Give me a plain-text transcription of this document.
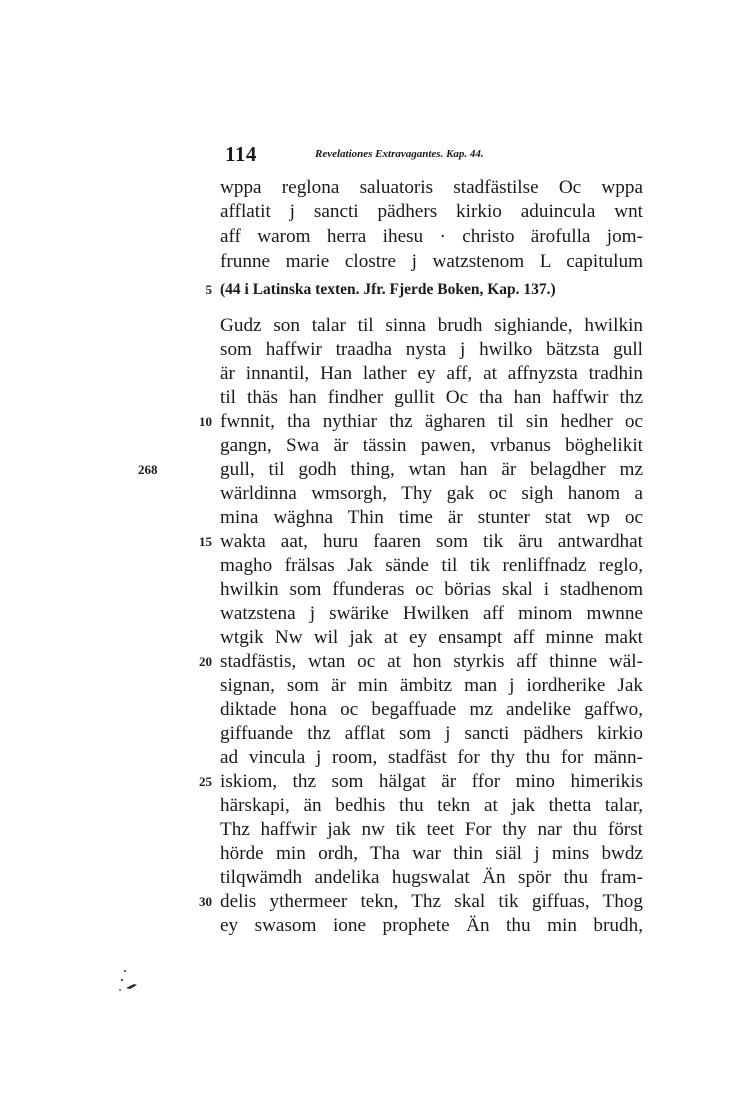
114	Revelationes Extravagantes. Kap. 44.
wppa reglona saluatoris stadfästilse Oc wppa
afflatit j sancti pädhers kirkio aduincula wnt
aff warom herra ihesu · christo ärofulla jom-
frunne marie clostre j watzstenom L capitulum
5 (44 i Latinska texten. Jfr. Fjerde Boken, Kap. 137.)
Gudz son talar til sinna brudh sighiande, hwilkin
som haffwir traadha nysta j hwilko bätzsta gull
är innantil, Han lather ey aff, at affnyzsta tradhin
til thäs han findher gullit Oc tha han haffwir thz
10 fwnnit, tha nythiar thz ägharen til sin hedher oc
gangn, Swa är tässin pawen, vrbanus böghelikit
268	gull, til godh thing, wtan han är belagdher mz
wärldinna wmsorgh, Thy gak oc sigh hanom a
mina wäghna Thin time är stunter stat wp oc
15 wakta aat, huru faaren som tik äru antwardhat
magho frälsas Jak sände til tik renliffnadz reglo,
hwilkin som ffunderas oc börias skal i stadhenom
watzstena j swärike Hwilken aff minom mwnne
wtgik Nw wil jak at ey ensampt aff minne makt
20 stadfästis, wtan oc at hon styrkis aff thinne wäl-
signan, som är min ämbitz man j iordherike Jak
diktade hona oc begaffuade mz andelike gaffwo,
giffuande thz afflat som j sancti pädhers kirkio
ad vincula j room, stadfäst for thy thu for männ-
25 iskiom, thz som hälgat är ffor mino himerikis
härskapi, än bedhis thu tekn at jak thetta talar,
Thz haffwir jak nw tik teet For thy nar thu först
hörde min ordh, Tha war thin siäl j mins bwdz
tilqwämdh andelika hugswalat Än spör thu fram-
30 delis ythermeer tekn, Thz skal tik giffuas, Thog
ey swasom ione prophete Än thu min brudh,
